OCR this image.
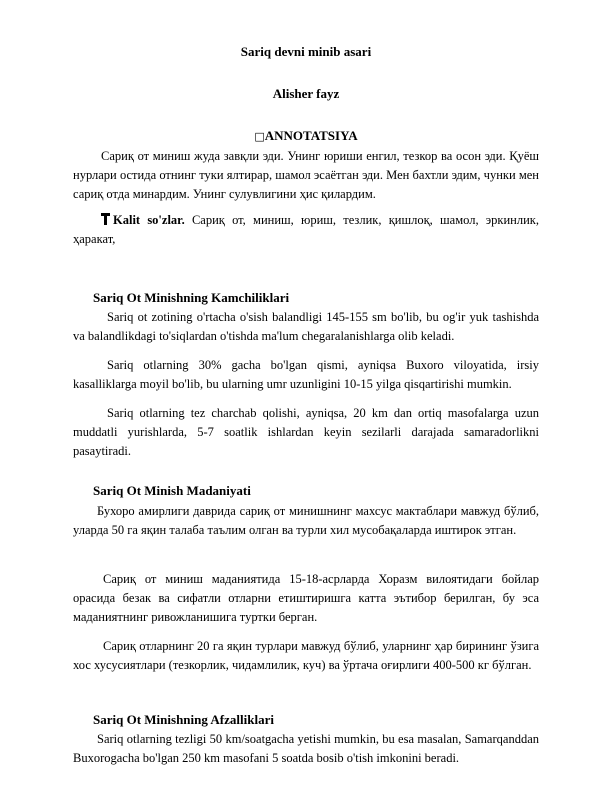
Sariq devni minib asari
Alisher fayz
□ANNOTATSIYA
Сариқ от миниш жуда завқли эди. Унинг юриши енгил, тезкор ва осон эди. Қуёш нурлари остида отнинг туки ялтирар, шамол эсаётган эди. Мен бахтли эдим, чунки мен сариқ отда минардим. Унинг сулувлигини ҳис қилардим.
Kalit so'zlar. Сариқ от, миниш, юриш, тезлик, қишлоқ, шамол, эркинлик, ҳаракат,
Sariq Ot Minishning Kamchiliklari
Sariq ot zotining o'rtacha o'sish balandligi 145-155 sm bo'lib, bu og'ir yuk tashishda va balandlikdagi to'siqlardan o'tishda ma'lum chegaralanishlarga olib keladi.
Sariq otlarning 30% gacha bo'lgan qismi, ayniqsa Buxoro viloyatida, irsiy kasalliklarga moyil bo'lib, bu ularning umr uzunligini 10-15 yilga qisqartirishi mumkin.
Sariq otlarning tez charchab qolishi, ayniqsa, 20 km dan ortiq masofalarga uzun muddatli yurishlarda, 5-7 soatlik ishlardan keyin sezilarli darajada samaradorlikni pasaytiradi.
Sariq Ot Minish Madaniyati
Бухоро амирлиги даврида сариқ от минишнинг махсус мактаблари мавжуд бўлиб, уларда 50 га яқин талаба таълим олган ва турли хил мусобақаларда иштирок этган.
Сариқ от миниш маданиятида 15-18-асрларда Хоразм вилоятидаги бойлар орасида безак ва сифатли отларни етиштиришга катта эътибор берилган, бу эса маданиятнинг ривожланишига туртки берган.
Сариқ отларнинг 20 га яқин турлари мавжуд бўлиб, уларнинг ҳар бирининг ўзига хос хусусиятлари (тезкорлик, чидамлилик, куч) ва ўртача оғирлиги 400-500 кг бўлган.
Sariq Ot Minishning Afzalliklari
Sariq otlarning tezligi 50 km/soatgacha yetishi mumkin, bu esa masalan, Samarqanddan Buxorogacha bo'lgan 250 km masofani 5 soatda bosib o'tish imkonini beradi.
